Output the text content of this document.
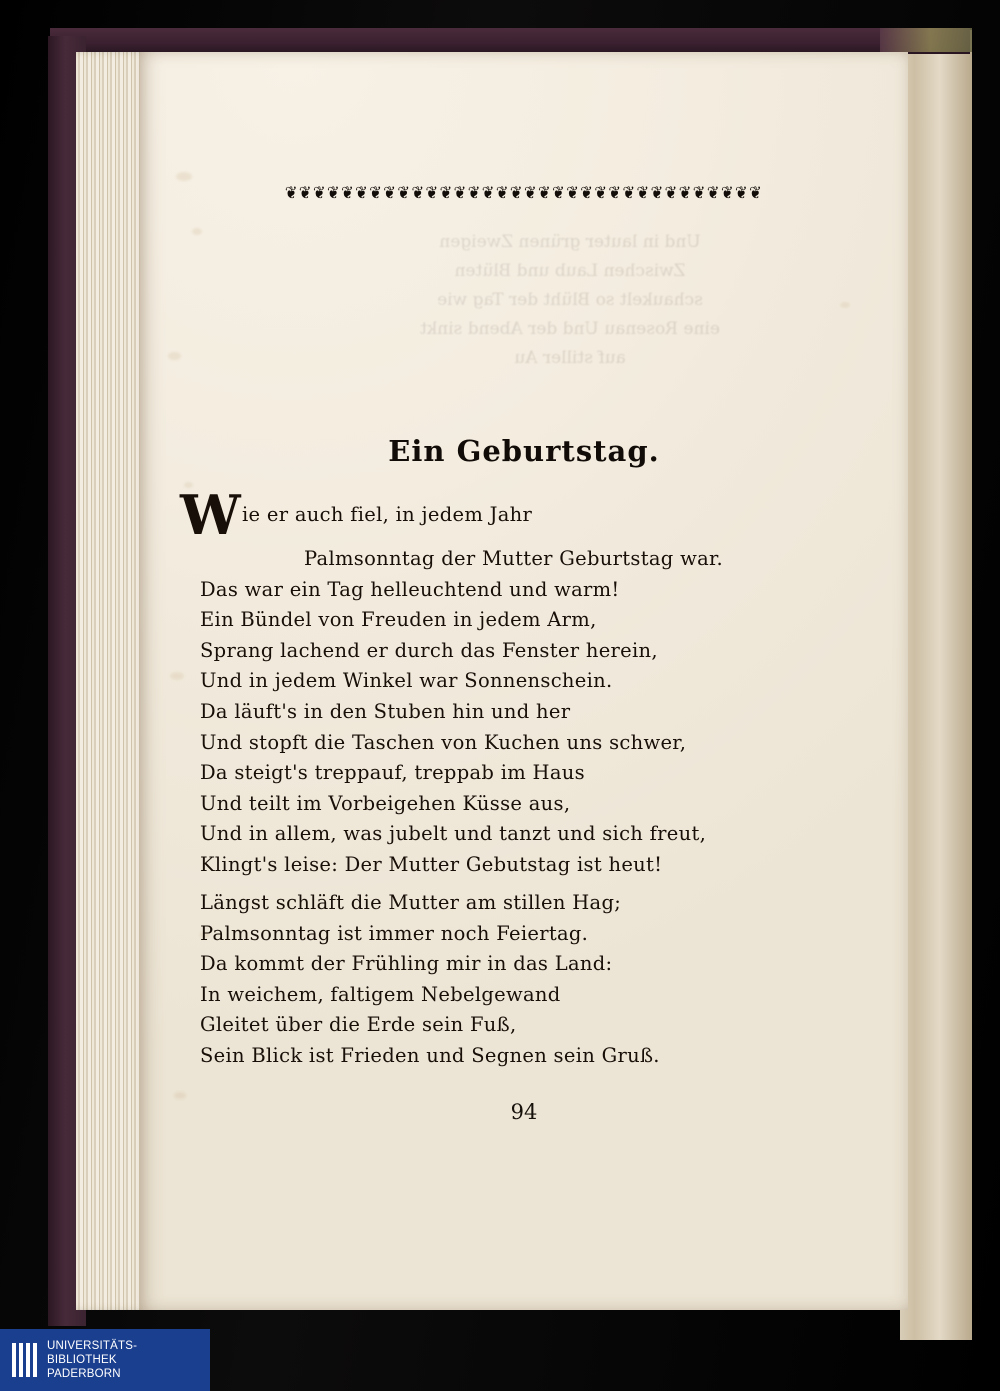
❦❦❦❦❦❦❦❦❦❦❦❦❦❦❦❦❦❦❦❦❦❦❦❦❦❦❦❦❦❦❦❦❦❦
Ein Geburtstag.
W ie er auch fiel, in jedem Jahr
Palmsonntag der Mutter Geburtstag war.
Das war ein Tag helleuchtend und warm!
Ein Bündel von Freuden in jedem Arm,
Sprang lachend er durch das Fenster herein,
Und in jedem Winkel war Sonnenschein.
Da läuft's in den Stuben hin und her
Und stopft die Taschen von Kuchen uns schwer,
Da steigt's treppauf, treppab im Haus
Und teilt im Vorbeigehen Küsse aus,
Und in allem, was jubelt und tanzt und sich freut,
Klingt's leise: Der Mutter Gebutstag ist heut!
Längst schläft die Mutter am stillen Hag;
Palmsonntag ist immer noch Feiertag.
Da kommt der Frühling mir in das Land:
In weichem, faltigem Nebelgewand
Gleitet über die Erde sein Fuß,
Sein Blick ist Frieden und Segnen sein Gruß.
94
UNIVERSITÄTS-
BIBLIOTHEK
PADERBORN
